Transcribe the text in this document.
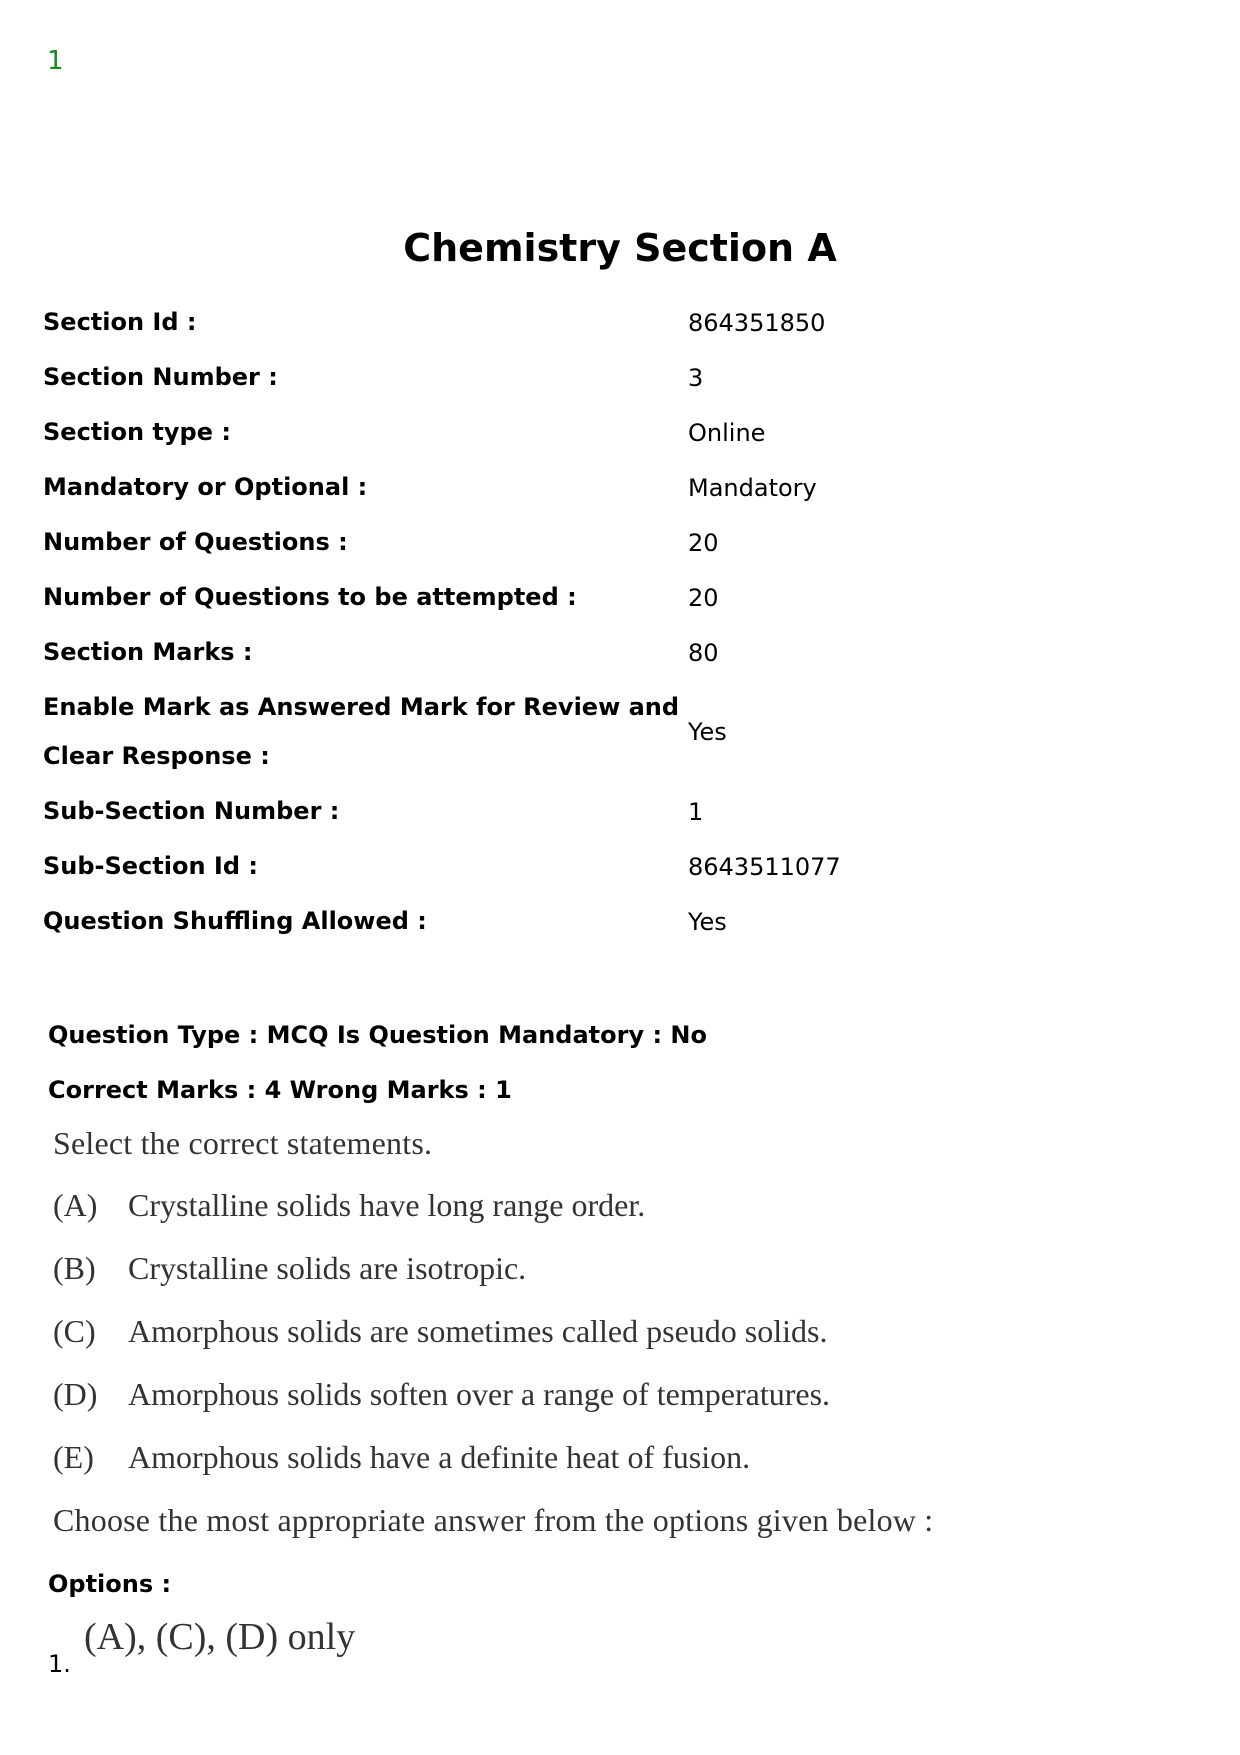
1
Chemistry Section A
Section Id :	864351850
Section Number :	3
Section type :	Online
Mandatory or Optional :	Mandatory
Number of Questions :	20
Number of Questions to be attempted :	20
Section Marks :	80
Enable Mark as Answered Mark for Review and
Clear Response :
Yes
Sub-Section Number :	1
Sub-Section Id :	8643511077
Question Shuffling Allowed :	Yes
Question Type : MCQ Is Question Mandatory : No
Correct Marks : 4 Wrong Marks : 1
Select the correct statements.
(A) Crystalline solids have long range order.
(B)	Crystalline solids are isotropic.
(C)	Amorphous solids are sometimes called pseudo solids.
(D) Amorphous solids soften over a range of temperatures.
(E)	Amorphous solids have a definite heat of fusion.
Choose the most appropriate answer from the options given below :
Options :
1.
(A), (C), (D) only
